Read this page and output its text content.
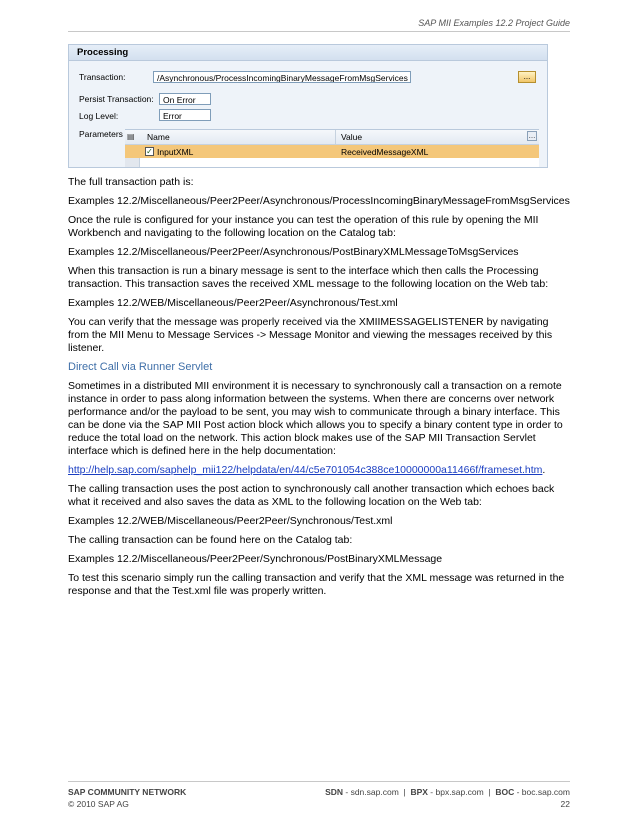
SAP MII Examples 12.2 Project Guide
Processing
Transaction:	/Asynchronous/ProcessIncomingBinaryMessageFromMsgServices	...
Persist Transaction:	On Error
Log Level:	Error
Parameters ▤ Name	Value	…
✓ InputXML	ReceivedMessageXML

The full transaction path is:

Examples 12.2/Miscellaneous/Peer2Peer/Asynchronous/ProcessIncomingBinaryMessageFromMsgServices

Once the rule is configured for your instance you can test the operation of this rule by opening the MII Workbench and navigating to the following location on the Catalog tab:

Examples 12.2/Miscellaneous/Peer2Peer/Asynchronous/PostBinaryXMLMessageToMsgServices

When this transaction is run a binary message is sent to the interface which then calls the Processing transaction. This transaction saves the received XML message to the following location on the Web tab:

Examples 12.2/WEB/Miscellaneous/Peer2Peer/Asynchronous/Test.xml

You can verify that the message was properly received via the XMIIMESSAGELISTENER by navigating from the MII Menu to Message Services -> Message Monitor and viewing the messages received by this listener.

Direct Call via Runner Servlet

Sometimes in a distributed MII environment it is necessary to synchronously call a transaction on a remote instance in order to pass along information between the systems. When there are concerns over network performance and/or the payload to be sent, you may wish to communicate through a binary interface. This can be done via the SAP MII Post action block which allows you to specify a binary content type in order to reduce the total load on the network. This action block makes use of the SAP MII Transaction Servlet interface which is defined here in the help documentation:

http://help.sap.com/saphelp_mii122/helpdata/en/44/c5e701054c388ce10000000a11466f/frameset.htm.

The calling transaction uses the post action to synchronously call another transaction which echoes back what it received and also saves the data as XML to the following location on the Web tab:

Examples 12.2/WEB/Miscellaneous/Peer2Peer/Synchronous/Test.xml

The calling transaction can be found here on the Catalog tab:

Examples 12.2/Miscellaneous/Peer2Peer/Synchronous/PostBinaryXMLMessage

To test this scenario simply run the calling transaction and verify that the XML message was returned in the response and that the Test.xml file was properly written.

SAP COMMUNITY NETWORK
© 2010 SAP AG
SDN - sdn.sap.com  |  BPX - bpx.sap.com  |  BOC - boc.sap.com
22
